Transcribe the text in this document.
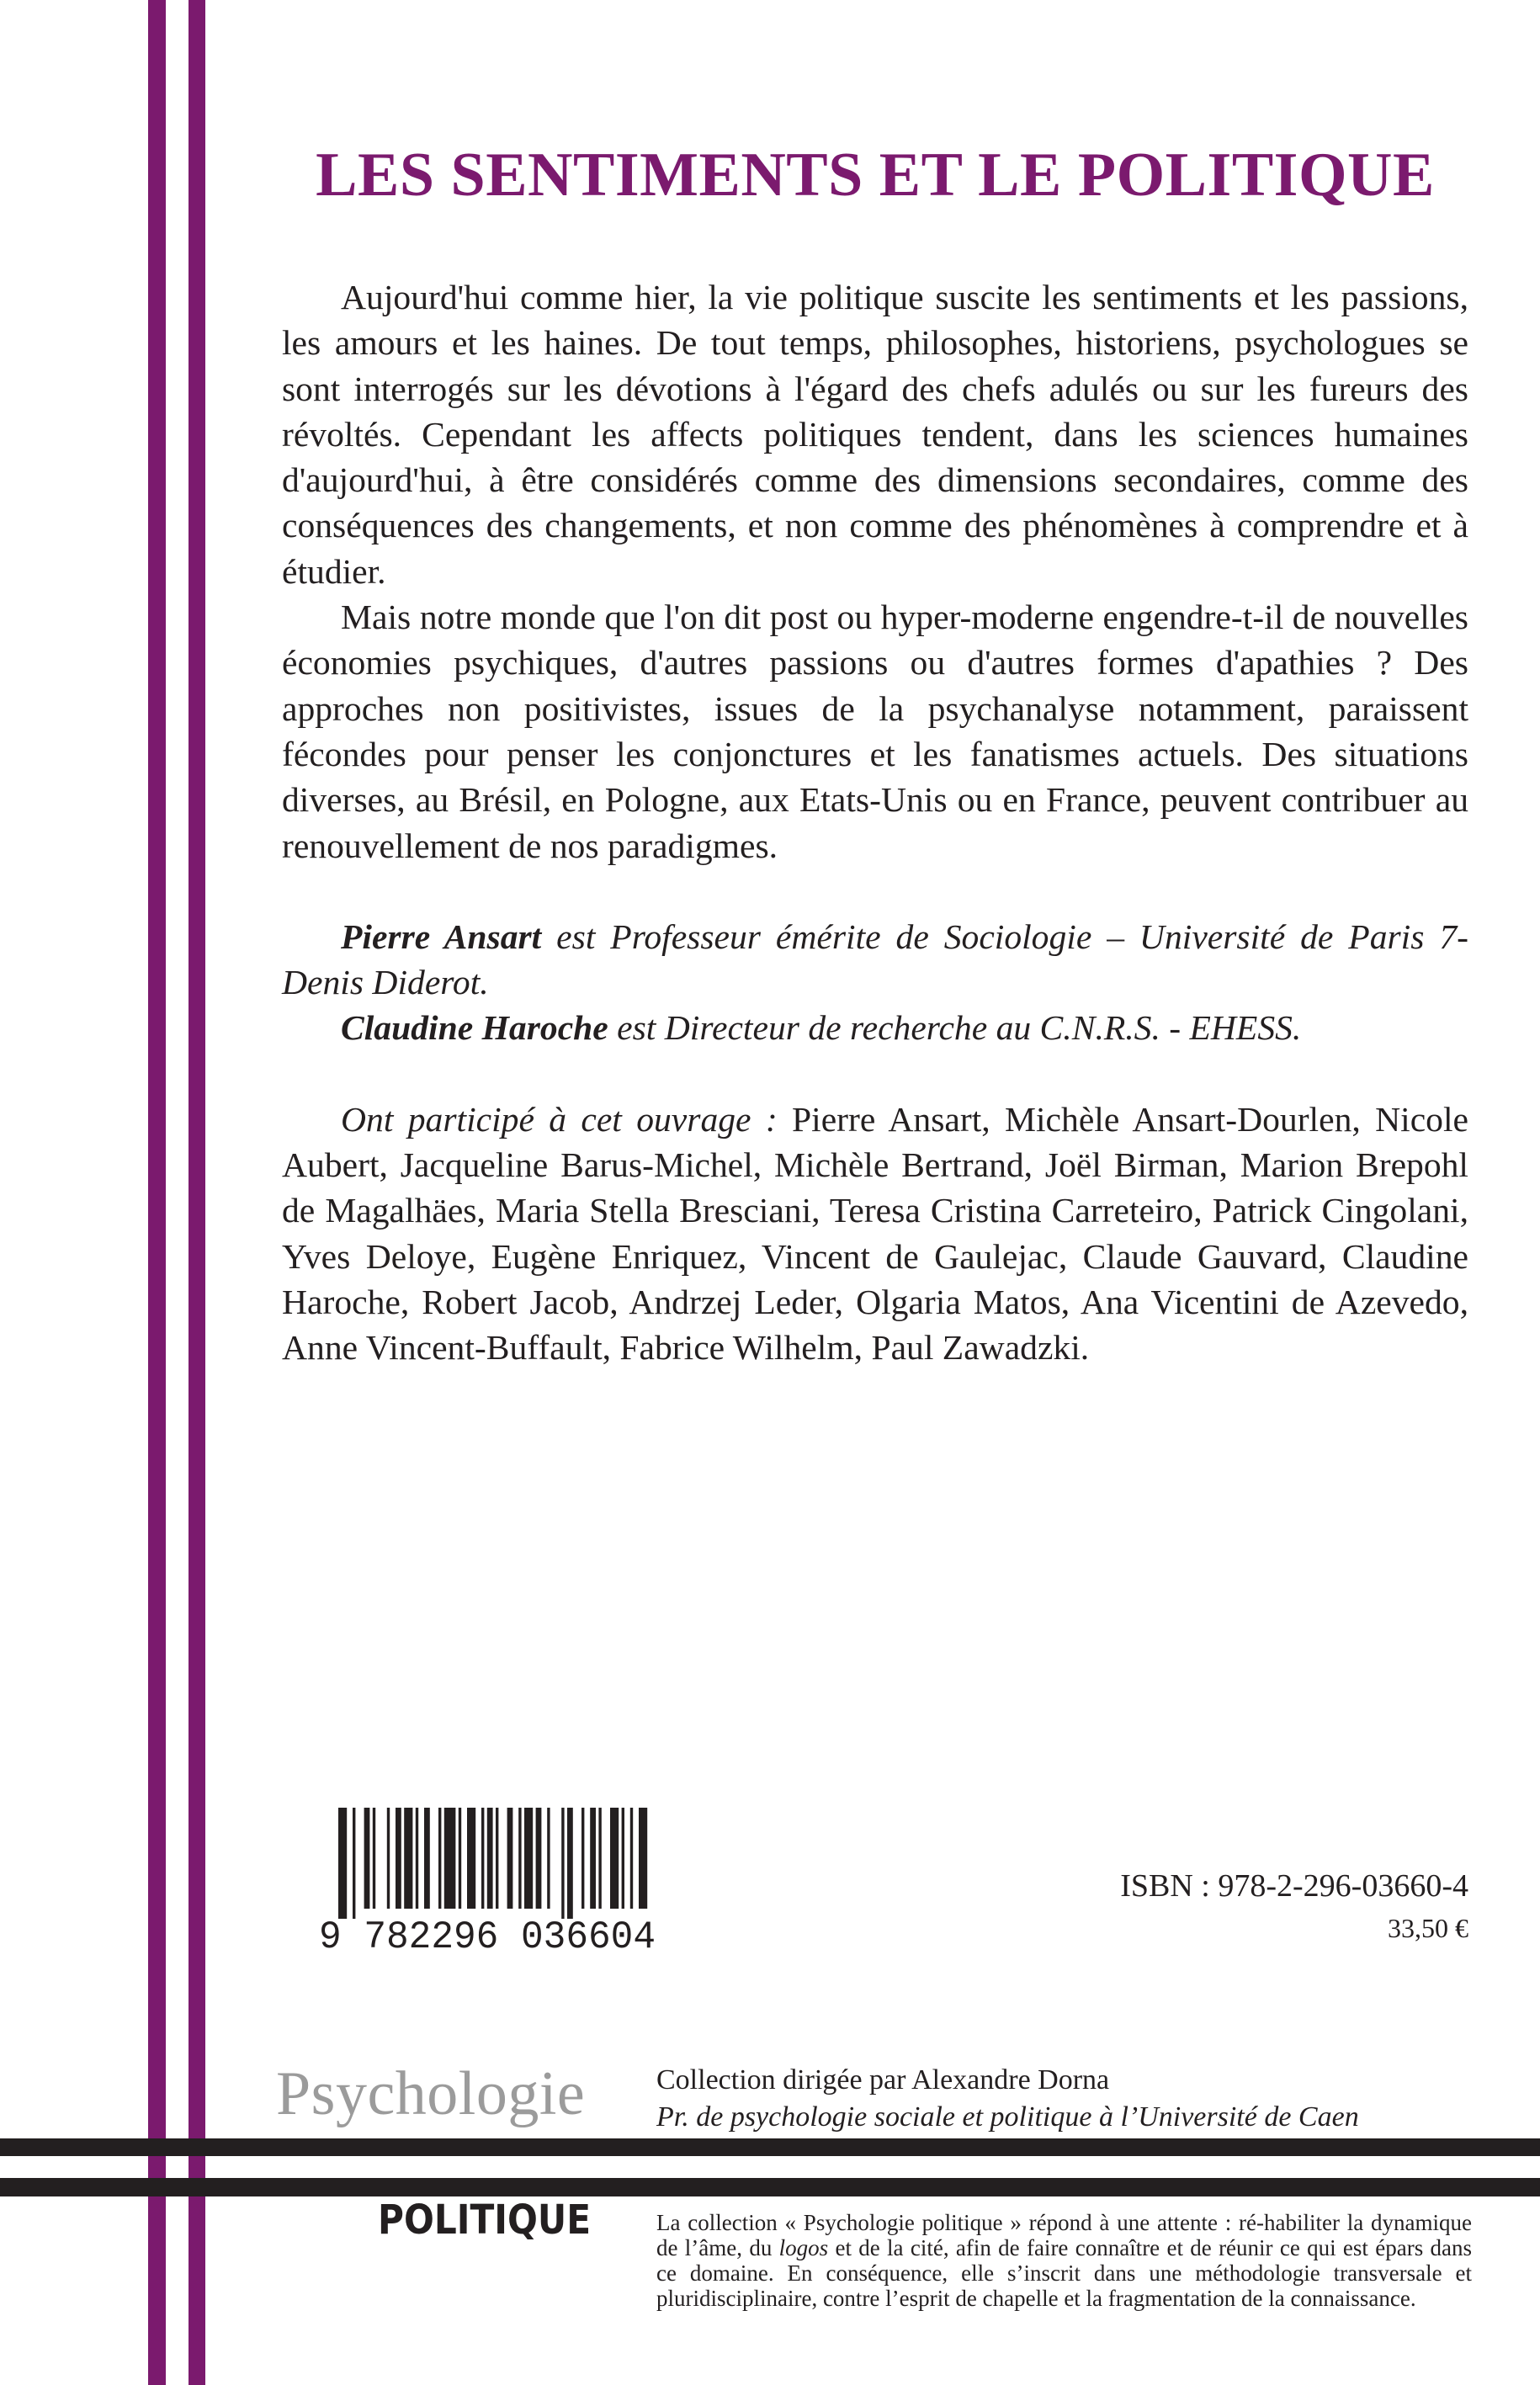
LES SENTIMENTS ET LE POLITIQUE

Aujourd'hui comme hier, la vie politique suscite les sentiments et les passions, les amours et les haines. De tout temps, philosophes, historiens, psychologues se sont interrogés sur les dévotions à l'égard des chefs adulés ou sur les fureurs des révoltés. Cependant les affects politiques tendent, dans les sciences humaines d'aujourd'hui, à être considérés comme des dimensions secondaires, comme des conséquences des changements, et non comme des phénomènes à comprendre et à étudier.

Mais notre monde que l'on dit post ou hyper-moderne engendre-t-il de nouvelles économies psychiques, d'autres passions ou d'autres formes d'apathies ? Des approches non positivistes, issues de la psychanalyse notamment, paraissent fécondes pour penser les conjonctures et les fanatismes actuels. Des situations diverses, au Brésil, en Pologne, aux Etats-Unis ou en France, peuvent contribuer au renouvellement de nos paradigmes.

Pierre Ansart est Professeur émérite de Sociologie – Université de Paris 7-Denis Diderot.

Claudine Haroche est Directeur de recherche au C.N.R.S. - EHESS.

Ont participé à cet ouvrage : Pierre Ansart, Michèle Ansart-Dourlen, Nicole Aubert, Jacqueline Barus-Michel, Michèle Bertrand, Joël Birman, Marion Brepohl de Magalhäes, Maria Stella Bresciani, Teresa Cristina Carreteiro, Patrick Cingolani, Yves Deloye, Eugène Enriquez, Vincent de Gaulejac, Claude Gauvard, Claudine Haroche, Robert Jacob, Andrzej Leder, Olgaria Matos, Ana Vicentini de Azevedo, Anne Vincent-Buffault, Fabrice Wilhelm, Paul Zawadzki.

9 782296 036604
ISBN : 978-2-296-03660-4
33,50 €
Psychologie Collection dirigée par Alexandre Dorna
Pr. de psychologie sociale et politique à l’Université de Caen
POLITIQUE	La collection « Psychologie politique » répond à une attente : ré-habiliter la dynamique de l’âme, du logos et de la cité, afin de faire connaître et de réunir ce qui est épars dans ce domaine. En conséquence, elle s’inscrit dans une méthodologie transversale et pluridisciplinaire, contre l’esprit de chapelle et la fragmentation de la connaissance.
